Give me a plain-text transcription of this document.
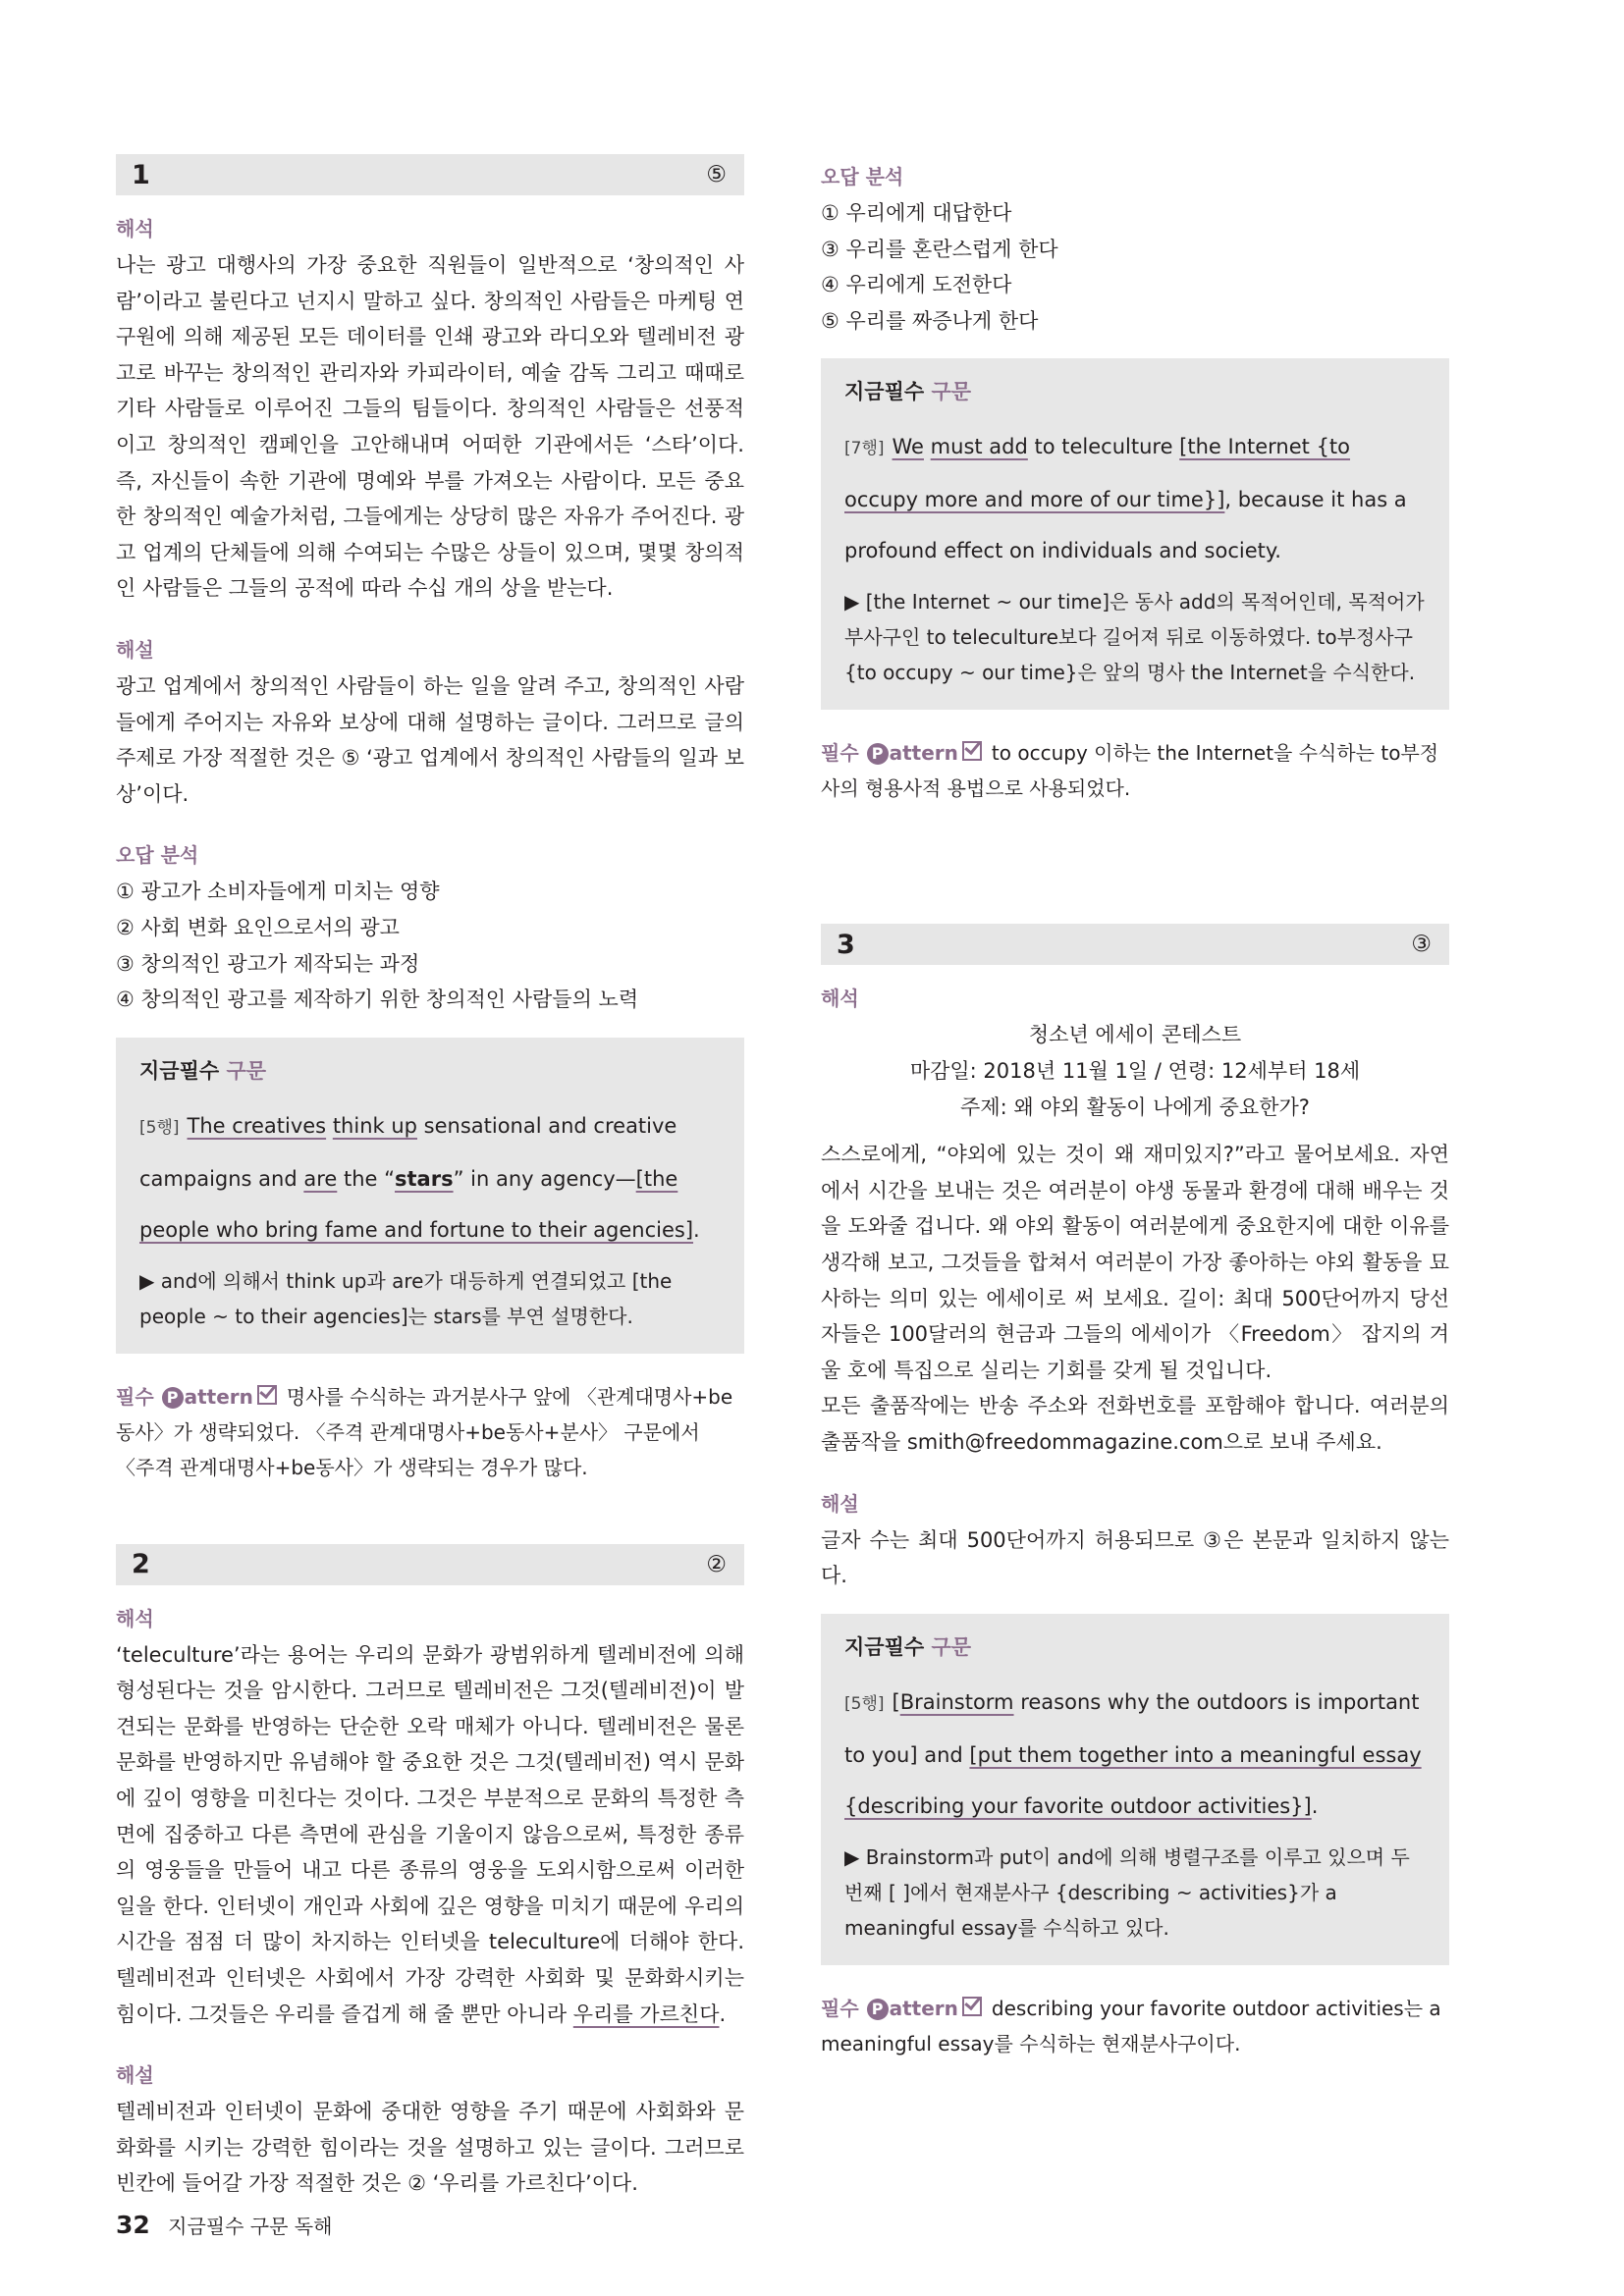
1	⑤
해석

나는 광고 대행사의 가장 중요한 직원들이 일반적으로 ‘창의적인 사람’이라고 불린다고 넌지시 말하고 싶다. 창의적인 사람들은 마케팅 연구원에 의해 제공된 모든 데이터를 인쇄 광고와 라디오와 텔레비전 광고로 바꾸는 창의적인 관리자와 카피라이터, 예술 감독 그리고 때때로 기타 사람들로 이루어진 그들의 팀들이다. 창의적인 사람들은 선풍적이고 창의적인 캠페인을 고안해내며 어떠한 기관에서든 ‘스타’이다. 즉, 자신들이 속한 기관에 명예와 부를 가져오는 사람이다. 모든 중요한 창의적인 예술가처럼, 그들에게는 상당히 많은 자유가 주어진다. 광고 업계의 단체들에 의해 수여되는 수많은 상들이 있으며, 몇몇 창의적인 사람들은 그들의 공적에 따라 수십 개의 상을 받는다.

해설

광고 업계에서 창의적인 사람들이 하는 일을 알려 주고, 창의적인 사람들에게 주어지는 자유와 보상에 대해 설명하는 글이다. 그러므로 글의 주제로 가장 적절한 것은 ⑤ ‘광고 업계에서 창의적인 사람들의 일과 보상’이다.

오답 분석

① 광고가 소비자들에게 미치는 영향

② 사회 변화 요인으로서의 광고

③ 창의적인 광고가 제작되는 과정

④ 창의적인 광고를 제작하기 위한 창의적인 사람들의 노력

지금필수 구문
[5행] The creatives think up sensational and creative campaigns and are the “stars” in any agency—[the people who bring fame and fortune to their agencies].
▶ and에 의해서 think up과 are가 대등하게 연결되었고 [the people ~ to their agencies]는 stars를 부연 설명한다.

필수 P attern 명사를 수식하는 과거분사구 앞에 〈관계대명사+be동사〉가 생략되었다. 〈주격 관계대명사+be동사+분사〉 구문에서 〈주격 관계대명사+be동사〉가 생략되는 경우가 많다.

2	②
해석

‘teleculture’라는 용어는 우리의 문화가 광범위하게 텔레비전에 의해 형성된다는 것을 암시한다. 그러므로 텔레비전은 그것(텔레비전)이 발견되는 문화를 반영하는 단순한 오락 매체가 아니다. 텔레비전은 물론 문화를 반영하지만 유념해야 할 중요한 것은 그것(텔레비전) 역시 문화에 깊이 영향을 미친다는 것이다. 그것은 부분적으로 문화의 특정한 측면에 집중하고 다른 측면에 관심을 기울이지 않음으로써, 특정한 종류의 영웅들을 만들어 내고 다른 종류의 영웅을 도외시함으로써 이러한 일을 한다. 인터넷이 개인과 사회에 깊은 영향을 미치기 때문에 우리의 시간을 점점 더 많이 차지하는 인터넷을 teleculture에 더해야 한다. 텔레비전과 인터넷은 사회에서 가장 강력한 사회화 및 문화화시키는 힘이다. 그것들은 우리를 즐겁게 해 줄 뿐만 아니라 우리를 가르친다.

해설

텔레비전과 인터넷이 문화에 중대한 영향을 주기 때문에 사회화와 문화화를 시키는 강력한 힘이라는 것을 설명하고 있는 글이다. 그러므로 빈칸에 들어갈 가장 적절한 것은 ② ‘우리를 가르친다’이다.

오답 분석

① 우리에게 대답한다

③ 우리를 혼란스럽게 한다

④ 우리에게 도전한다

⑤ 우리를 짜증나게 한다

지금필수 구문
[7행] We must add to teleculture [the Internet {to occupy more and more of our time}], because it has a profound effect on individuals and society.
▶ [the Internet ~ our time]은 동사 add의 목적어인데, 목적어가 부사구인 to teleculture보다 길어져 뒤로 이동하였다. to부정사구 {to occupy ~ our time}은 앞의 명사 the Internet을 수식한다.

필수 P attern to occupy 이하는 the Internet을 수식하는 to부정사의 형용사적 용법으로 사용되었다.

3	③
해석

청소년 에세이 콘테스트

마감일: 2018년 11월 1일 / 연령: 12세부터 18세

주제: 왜 야외 활동이 나에게 중요한가?

스스로에게, “야외에 있는 것이 왜 재미있지?”라고 물어보세요. 자연에서 시간을 보내는 것은 여러분이 야생 동물과 환경에 대해 배우는 것을 도와줄 겁니다. 왜 야외 활동이 여러분에게 중요한지에 대한 이유를 생각해 보고, 그것들을 합쳐서 여러분이 가장 좋아하는 야외 활동을 묘사하는 의미 있는 에세이로 써 보세요. 길이: 최대 500단어까지 당선자들은 100달러의 현금과 그들의 에세이가 〈Freedom〉 잡지의 겨울 호에 특집으로 실리는 기회를 갖게 될 것입니다.

모든 출품작에는 반송 주소와 전화번호를 포함해야 합니다. 여러분의 출품작을 smith@freedommagazine.com으로 보내 주세요.

해설

글자 수는 최대 500단어까지 허용되므로 ③은 본문과 일치하지 않는다.

지금필수 구문
[5행] [Brainstorm reasons why the outdoors is important to you] and [put them together into a meaningful essay {describing your favorite outdoor activities}].
▶ Brainstorm과 put이 and에 의해 병렬구조를 이루고 있으며 두 번째 [ ]에서 현재분사구 {describing ~ activities}가 a meaningful essay를 수식하고 있다.

필수 P attern describing your favorite outdoor activities는 a meaningful essay를 수식하는 현재분사구이다.

32 지금필수 구문 독해
